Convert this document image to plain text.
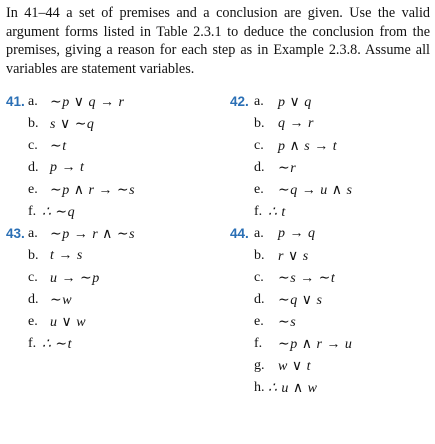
In 41–44 a set of premises and a conclusion are given. Use the valid argument forms listed in Table 2.3.1 to deduce the conclusion from the premises, giving a reason for each step as in Example 2.3.8. Assume all variables are statement variables.

41. a. ∼p ∨ q → r
b. s ∨ ∼q
c. ∼t
d. p → t
e. ∼p ∧ r → ∼s
f. ∴ ∼q
42. a. p ∨ q
b. q → r
c. p ∧ s → t
d. ∼r
e. ∼q → u ∧ s
f. ∴ t
43. a. ∼p → r ∧ ∼s
b. t → s
c. u → ∼p
d. ∼w
e. u ∨ w
f. ∴ ∼t
44. a. p → q
b. r ∨ s
c. ∼s → ∼t
d. ∼q ∨ s
e. ∼s
f. ∼p ∧ r → u
g. w ∨ t
h. ∴ u ∧ w
